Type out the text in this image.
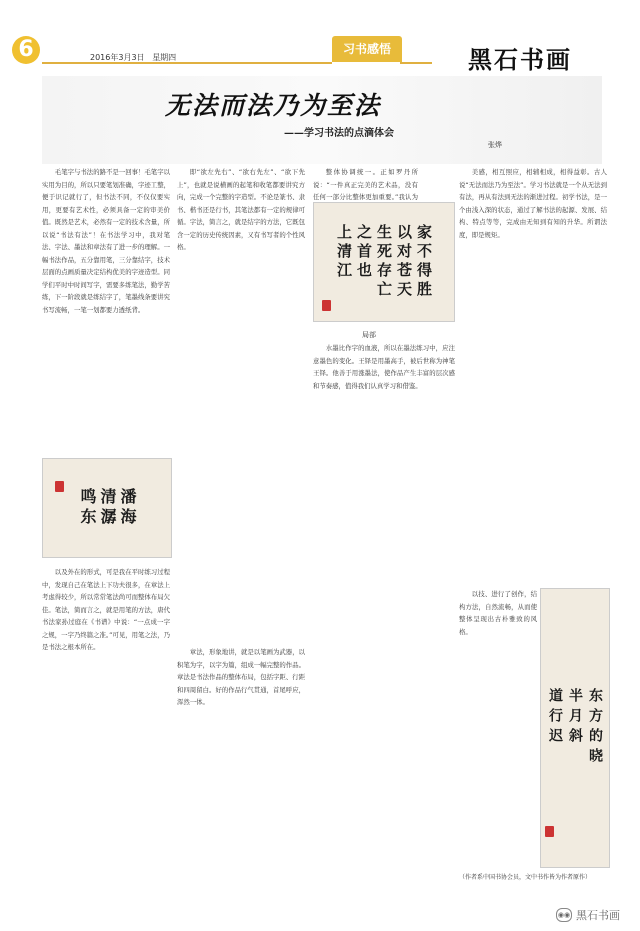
6	2016年3月3日 星期四
习书感悟	黑石书画
无法而法乃为至法
——学习书法的点滴体会
张烨

毛笔字与书法的路不是一回事！毛笔字以实用为目的，所以只要笔划准确，字迹工整，便于识记就行了，但书法不同，不仅仅要实用，更要有艺术性，必须具备一定的审美价值。既然是艺术，必然有一定的技术含量，所以说“书法有法”！在书法学习中，我对笔法、字法、墨法和章法有了进一步的理解。一幅书法作品，五分靠用笔，三分靠结字，技术层面的点画质量决定结构优美的字迹造型。同学们平时中时间写字，需要多练笔法，勤学苦练，下一阶段就是练结字了，笔墨线条要讲究书写流畅，一笔一划都要力透纸背。

即“欲左先右”、“欲右先左”、“欲下先上”，也就是说横画的起笔和收笔都要讲究方向，完成一个完整的字造型。不论是篆书、隶书、楷书还是行书，其笔法都有一定的规律可循。字法，简言之，就是结字的方法，它既包含一定的历史传统因素，又有书写者的个性风格。

整体协调统一。正如罗丹所说：“一件真正完美的艺术品，没有任何一部分比整体更加重要。”我认为

美感，相互照应，相辅相成，相得益彰。古人说“无法而法乃为至法”。学习书法就是一个从无法到有法，再从有法到无法的渐进过程。初学书法，是一个由浅入深的状态，通过了解书法的起源、发展、结构、特点等等，完成由无知到有知的升华。所谓法度，即是规矩。

家不得胜
以对苍天
生死存亡
之首也
上清江
局部

水墨比作字的血液，所以在墨法练习中，应注意墨色的变化。王铎是用墨高手，被后世称为神笔王铎。他善于用涨墨法，使作品产生丰富的层次感和节奏感，值得我们认真学习和借鉴。

潘海
清潺
鸣东

以及外在的形式，可是我在平时练习过程中，发现自己在笔法上下功夫很多，在章法上考虑得较少，所以常常笔法尚可而整体布局欠佳。笔法，简而言之，就是用笔的方法，唐代书法家孙过庭在《书谱》中说：“一点成一字之规，一字乃终篇之准。”可见，用笔之法，乃是书法之根本所在。

章法，形象地讲，就是以笔画为武器，以积笔为字，以字为篇，组成一幅完整的作品。章法是书法作品的整体布局，包括字距、行距和四周留白。好的作品行气贯通，首尾呼应，浑然一体。	东方的晓
半月斜
道行迟

以技、进行了创作，结构方法，自然流畅，从而使整体呈现出古朴雅致的风格。

（作者系中国书协会员，文中书作皆为作者原作）
◉◉ 黑石书画
